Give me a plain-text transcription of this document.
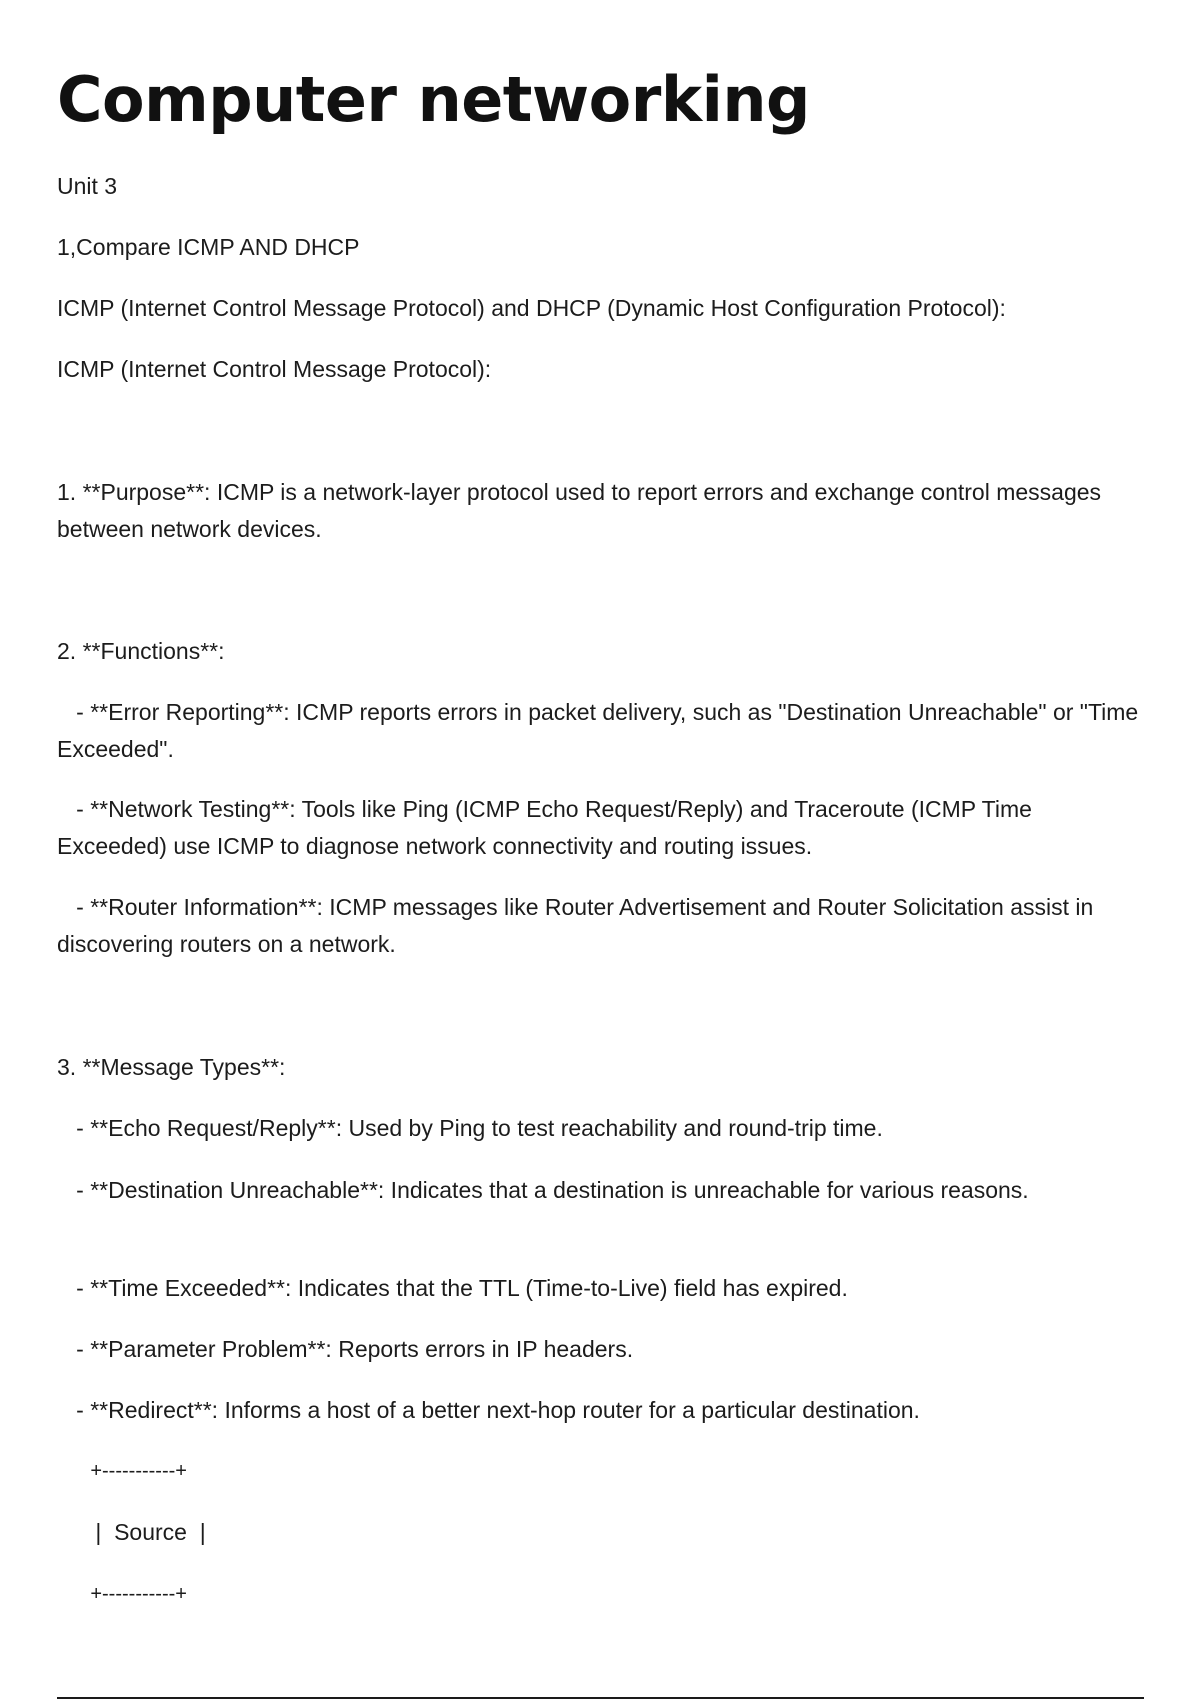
Computer networking

Unit 3

1,Compare ICMP AND DHCP

ICMP (Internet Control Message Protocol) and DHCP (Dynamic Host Configuration Protocol):

ICMP (Internet Control Message Protocol):

1. **Purpose**: ICMP is a network-layer protocol used to report errors and exchange control messages between network devices.

2. **Functions**:

- **Error Reporting**: ICMP reports errors in packet delivery, such as "Destination Unreachable" or "Time Exceeded".

- **Network Testing**: Tools like Ping (ICMP Echo Request/Reply) and Traceroute (ICMP Time Exceeded) use ICMP to diagnose network connectivity and routing issues.

- **Router Information**: ICMP messages like Router Advertisement and Router Solicitation assist in discovering routers on a network.

3. **Message Types**:

- **Echo Request/Reply**: Used by Ping to test reachability and round-trip time.

- **Destination Unreachable**: Indicates that a destination is unreachable for various reasons.

- **Time Exceeded**: Indicates that the TTL (Time-to-Live) field has expired.

- **Parameter Problem**: Reports errors in IP headers.

- **Redirect**: Informs a host of a better next-hop router for a particular destination.

+-----------+

|  Source  |

+-----------+
